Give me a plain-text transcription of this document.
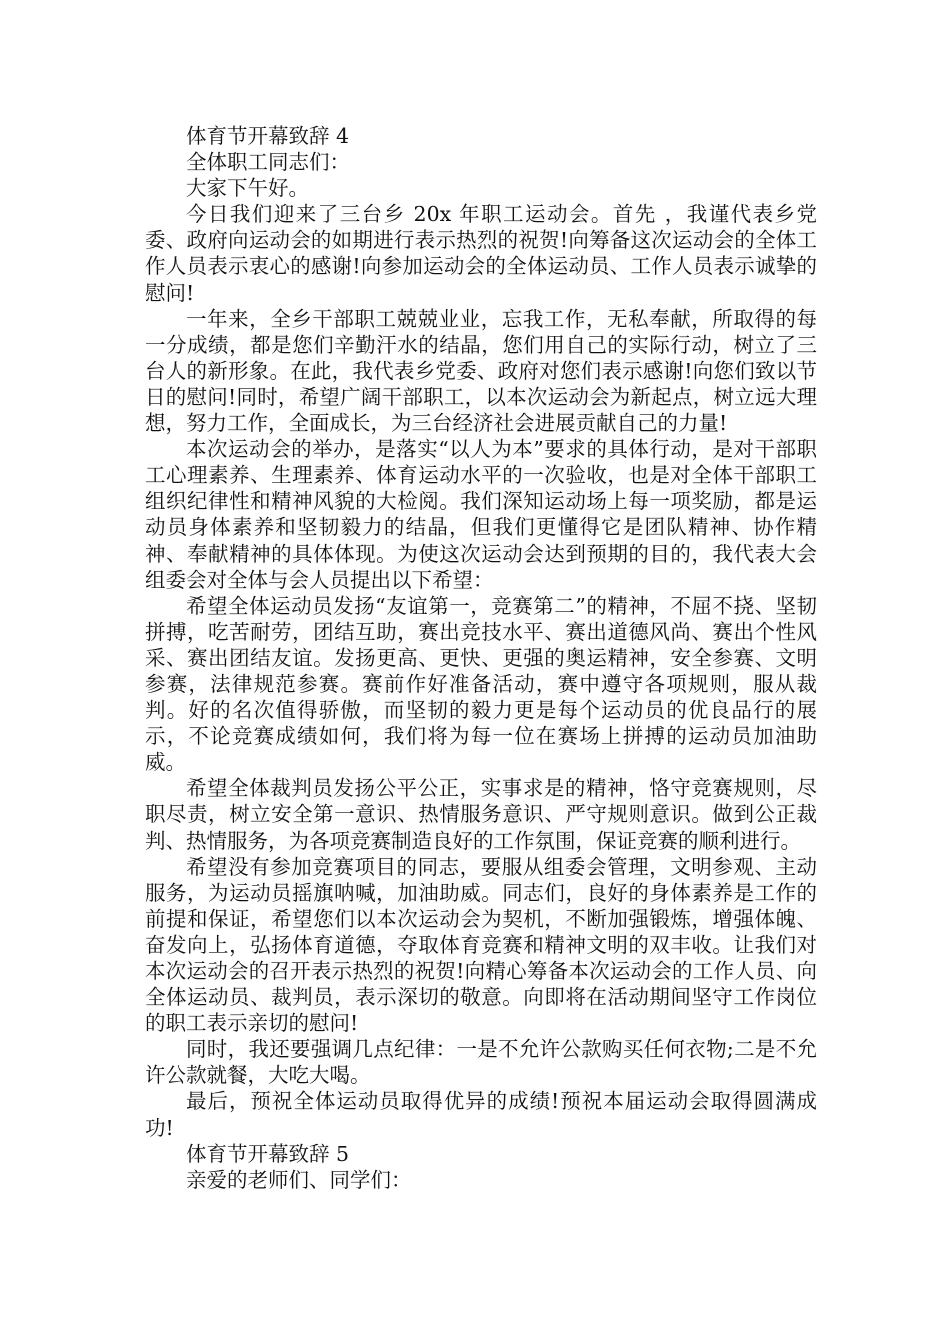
体育节开幕致辞 4

全体职工同志们：

大家下午好。

今日我们迎来了三台乡 20x 年职工运动会。首先 ，我谨代表乡党委、政府向运动会的如期进行表示热烈的祝贺!向筹备这次运动会的全体工作人员表示衷心的感谢!向参加运动会的全体运动员、工作人员表示诚挚的慰问!

一年来，全乡干部职工兢兢业业，忘我工作，无私奉献，所取得的每一分成绩，都是您们辛勤汗水的结晶，您们用自己的实际行动，树立了三台人的新形象。在此，我代表乡党委、政府对您们表示感谢!向您们致以节日的慰问!同时，希望广阔干部职工，以本次运动会为新起点，树立远大理想，努力工作，全面成长，为三台经济社会进展贡献自己的力量!

本次运动会的举办，是落实“以人为本”要求的具体行动，是对干部职工心理素养、生理素养、体育运动水平的一次验收，也是对全体干部职工组织纪律性和精神风貌的大检阅。我们深知运动场上每一项奖励，都是运动员身体素养和坚韧毅力的结晶，但我们更懂得它是团队精神、协作精神、奉献精神的具体体现。为使这次运动会达到预期的目的，我代表大会组委会对全体与会人员提出以下希望：

希望全体运动员发扬“友谊第一，竞赛第二”的精神，不屈不挠、坚韧拼搏，吃苦耐劳，团结互助，赛出竞技水平、赛出道德风尚、赛出个性风采、赛出团结友谊。发扬更高、更快、更强的奥运精神，安全参赛、文明参赛，法律规范参赛。赛前作好准备活动，赛中遵守各项规则，服从裁判。好的名次值得骄傲，而坚韧的毅力更是每个运动员的优良品行的展示，不论竞赛成绩如何，我们将为每一位在赛场上拼搏的运动员加油助威。

希望全体裁判员发扬公平公正，实事求是的精神，恪守竞赛规则，尽职尽责，树立安全第一意识、热情服务意识、严守规则意识。做到公正裁判、热情服务，为各项竞赛制造良好的工作氛围，保证竞赛的顺利进行。

希望没有参加竞赛项目的同志，要服从组委会管理，文明参观、主动服务，为运动员摇旗呐喊，加油助威。同志们，良好的身体素养是工作的前提和保证，希望您们以本次运动会为契机，不断加强锻炼，增强体魄、奋发向上，弘扬体育道德，夺取体育竞赛和精神文明的双丰收。让我们对本次运动会的召开表示热烈的祝贺!向精心筹备本次运动会的工作人员、向全体运动员、裁判员，表示深切的敬意。向即将在活动期间坚守工作岗位的职工表示亲切的慰问!

同时，我还要强调几点纪律：一是不允许公款购买任何衣物;二是不允许公款就餐，大吃大喝。

最后，预祝全体运动员取得优异的成绩!预祝本届运动会取得圆满成功!

体育节开幕致辞 5

亲爱的老师们、同学们：
